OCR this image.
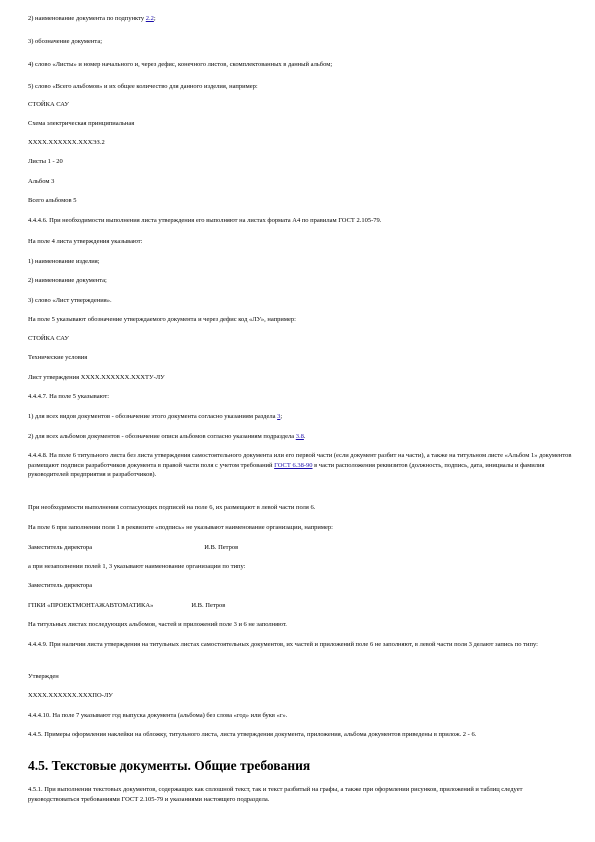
2) наименование документа по подпункту 2.2;
3) обозначение документа;
4) слово «Листы» и номер начального и, через дефис, конечного листов, скомплектованных в данный альбом;
5) слово «Всего альбомов» и их общее количество для данного изделия, например:
СТОЙКА САУ
Схема электрическая принципиальная
ХХХХ.ХХХХХХ.ХХХЭЗ.2
Листы 1 - 20
Альбом 3
Всего альбомов 5
4.4.4.6. При необходимости выполнения листа утверждения его выполняют на листах формата А4 по правилам ГОСТ 2.105-79.
На поле 4 листа утверждения указывают:
1) наименование изделия;
2) наименование документа;
3) слово «Лист утверждения».
На поле 5 указывают обозначение утверждаемого документа и через дефис код «ЛУ», например:
СТОЙКА САУ
Технические условия
Лист утверждения ХХХХ.ХХХХХХ.ХХХТУ-ЛУ
4.4.4.7. На поле 5 указывают:
1) для всех видов документов - обозначение этого документа согласно указаниям раздела 3;
2) для всех альбомов документов - обозначение описи альбомов согласно указаниям подраздела 3.8.
4.4.4.8. На поле 6 титульного листа без листа утверждения самостоятельного документа или его первой части (если документ разбит на части), а также на титульном листе «Альбом 1» документов размещают подписи разработчиков документа в правой части поля с учетом требований ГОСТ 6.38-90 в части расположения реквизитов (должность, подпись, дата, инициалы и фамилия руководителей предприятия и разработчиков).
При необходимости выполнения согласующих подписей на поле 6, их размещают в левой части поля 6.
На поле 6 при заполнении поля 1 в реквизите «подпись» не указывают наименование организации, например:
Заместитель директора	И.В. Петров
а при незаполнении полей 1, 3 указывают наименование организации по типу:
Заместитель директора
ГПКИ «ПРОЕКТМОНТАЖАВТОМАТИКА»	И.В. Петров
На титульных листах последующих альбомов, частей и приложений поле 3 и 6 не заполняют.
4.4.4.9. При наличии листа утверждения на титульных листах самостоятельных документов, их частей и приложений поле 6 не заполняют, в левой части поля 3 делают запись по типу:
Утвержден
ХХХХ.ХХХХХХ.ХХХПО-ЛУ
4.4.4.10. На поле 7 указывают год выпуска документа (альбома) без слова «год» или букв «г».
4.4.5. Примеры оформления наклейки на обложку, титульного листа, листа утверждения документа, приложения, альбома документов приведены в прилож. 2 - 6.
4.5. Текстовые документы. Общие требования
4.5.1. При выполнении текстовых документов, содержащих как сплошной текст, так и текст разбитый на графы, а также при оформлении рисунков, приложений и таблиц следует руководствоваться требованиями ГОСТ 2.105-79 и указаниями настоящего подраздела.
